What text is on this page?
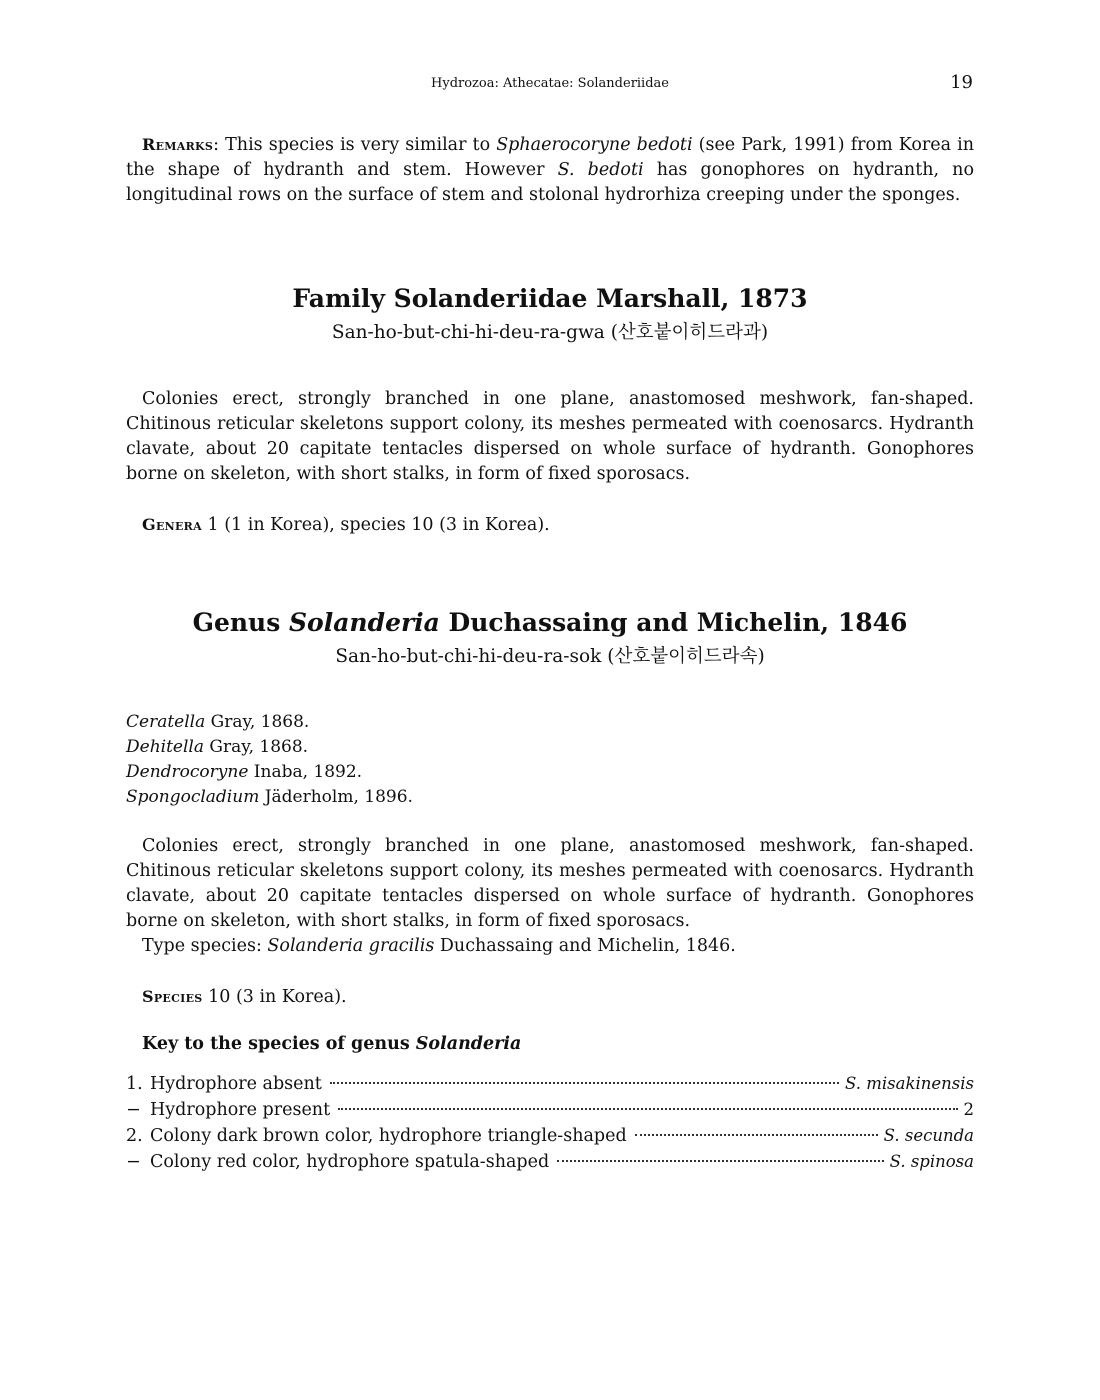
Hydrozoa: Athecatae: Solanderiidae	19
Remarks: This species is very similar to Sphaerocoryne bedoti (see Park, 1991) from Korea in the shape of hydranth and stem. However S. bedoti has gonophores on hydranth, no longitudinal rows on the surface of stem and stolonal hydrorhiza creeping under the sponges.
Family Solanderiidae Marshall, 1873
San-ho-but-chi-hi-deu-ra-gwa (산호붙이히드라과)
Colonies erect, strongly branched in one plane, anastomosed meshwork, fan-shaped. Chitinous reticular skeletons support colony, its meshes permeated with coenosarcs. Hydranth clavate, about 20 capitate tentacles dispersed on whole surface of hydranth. Gonophores borne on skeleton, with short stalks, in form of fixed sporosacs.
Genera 1 (1 in Korea), species 10 (3 in Korea).
Genus Solanderia Duchassaing and Michelin, 1846
San-ho-but-chi-hi-deu-ra-sok (산호붙이히드라속)
Ceratella Gray, 1868.
Dehitella Gray, 1868.
Dendrocoryne Inaba, 1892.
Spongocladium Jäderholm, 1896.
Colonies erect, strongly branched in one plane, anastomosed meshwork, fan-shaped. Chitinous reticular skeletons support colony, its meshes permeated with coenosarcs. Hydranth clavate, about 20 capitate tentacles dispersed on whole surface of hydranth. Gonophores borne on skeleton, with short stalks, in form of fixed sporosacs.
Type species: Solanderia gracilis Duchassaing and Michelin, 1846.
Species 10 (3 in Korea).
Key to the species of genus Solanderia
1. Hydrophore absent	S. misakinensis
− Hydrophore present	2
2. Colony dark brown color, hydrophore triangle-shaped	S. secunda
− Colony red color, hydrophore spatula-shaped	S. spinosa
